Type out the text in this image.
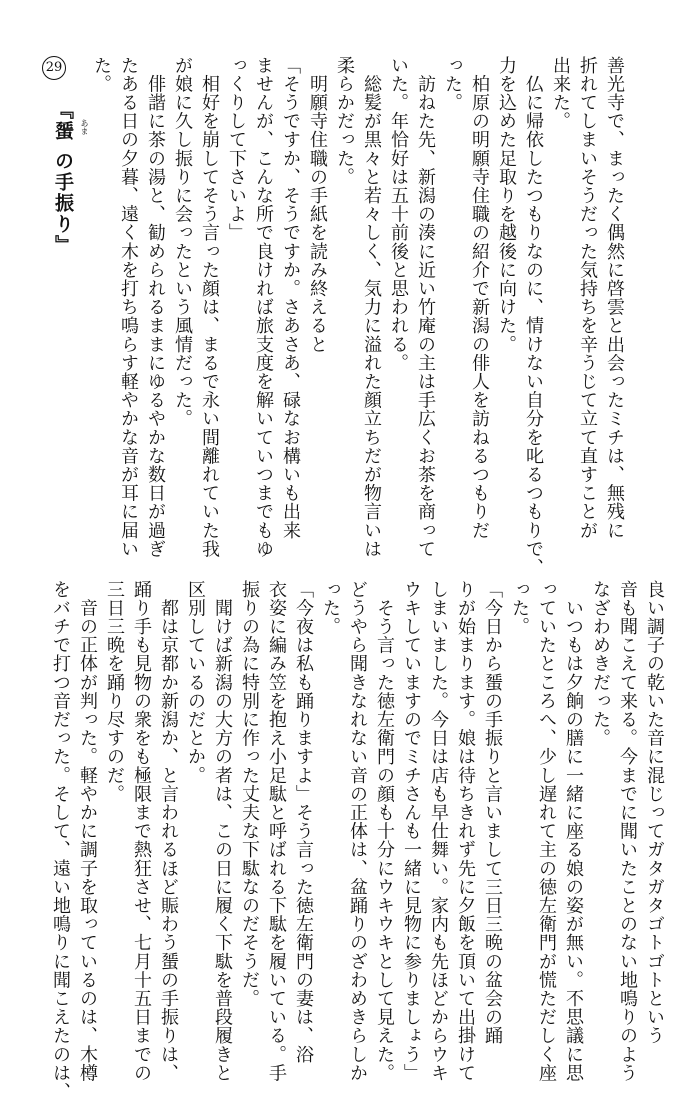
29
『蜑 の手振り』 あま	善光寺で、まったく偶然に啓雲と出会ったミチは、無残に
折れてしまいそうだった気持ちを辛うじて立て直すことが
出来た。
　仏に帰依したつもりなのに、情けない自分を叱るつもりで、
力を込めた足取りを越後に向けた。
　柏原の明願寺住職の紹介で新潟の俳人を訪ねるつもりだ
った。
　訪ねた先、新潟の湊に近い竹庵の主は手広くお茶を商って
いた。年恰好は五十前後と思われる。
　総髪が黒々と若々しく、気力に溢れた顔立ちだが物言いは
柔らかだった。
　明願寺住職の手紙を読み終えると
「そうですか、そうですか。さあさあ、碌なお構いも出来
ませんが、こんな所で良ければ旅支度を解いていつまでもゆ
っくりして下さいよ」
　相好を崩してそう言った顔は、まるで永い間離れていた我
が娘に久し振りに会ったという風情だった。
　俳諧に茶の湯と、勧められるままにゆるやかな数日が過ぎ
たある日の夕暮、遠く木を打ち鳴らす軽やかな音が耳に届い
た。
良い調子の乾いた音に混じってガタガタゴトゴトという
音も聞こえて来る。今までに聞いたことのない地鳴りのよう
なざわめきだった。
　いつもは夕餉の膳に一緒に座る娘の姿が無い。不思議に思
っていたところへ、少し遅れて主の徳左衛門が慌ただしく座
った。
「今日から蜑の手振りと言いまして三日三晩の盆会の踊
りが始まります。娘は待ちきれず先に夕飯を頂いて出掛けて
しまいました。今日は店も早仕舞い。家内も先ほどからウキ
ウキしていますのでミチさんも一緒に見物に参りましょう」
　そう言った徳左衛門の顔も十分にウキウキとして見えた。
どうやら聞きなれない音の正体は、盆踊りのざわめきらしか
った。
「今夜は私も踊りますよ」そう言った徳左衛門の妻は、浴
衣姿に編み笠を抱え小足駄と呼ばれる下駄を履いている。手
振りの為に特別に作った丈夫な下駄なのだそうだ。
　聞けば新潟の大方の者は、この日に履く下駄を普段履きと
区別しているのだとか。
　都は京都か新潟か、と言われるほど賑わう蜑の手振りは、
踊り手も見物の衆をも極限まで熱狂させ、七月十五日までの
三日三晩を踊り尽すのだ。
　音の正体が判った。軽やかに調子を取っているのは、木樽
をバチで打つ音だった。そして、遠い地鳴りに聞こえたのは、
